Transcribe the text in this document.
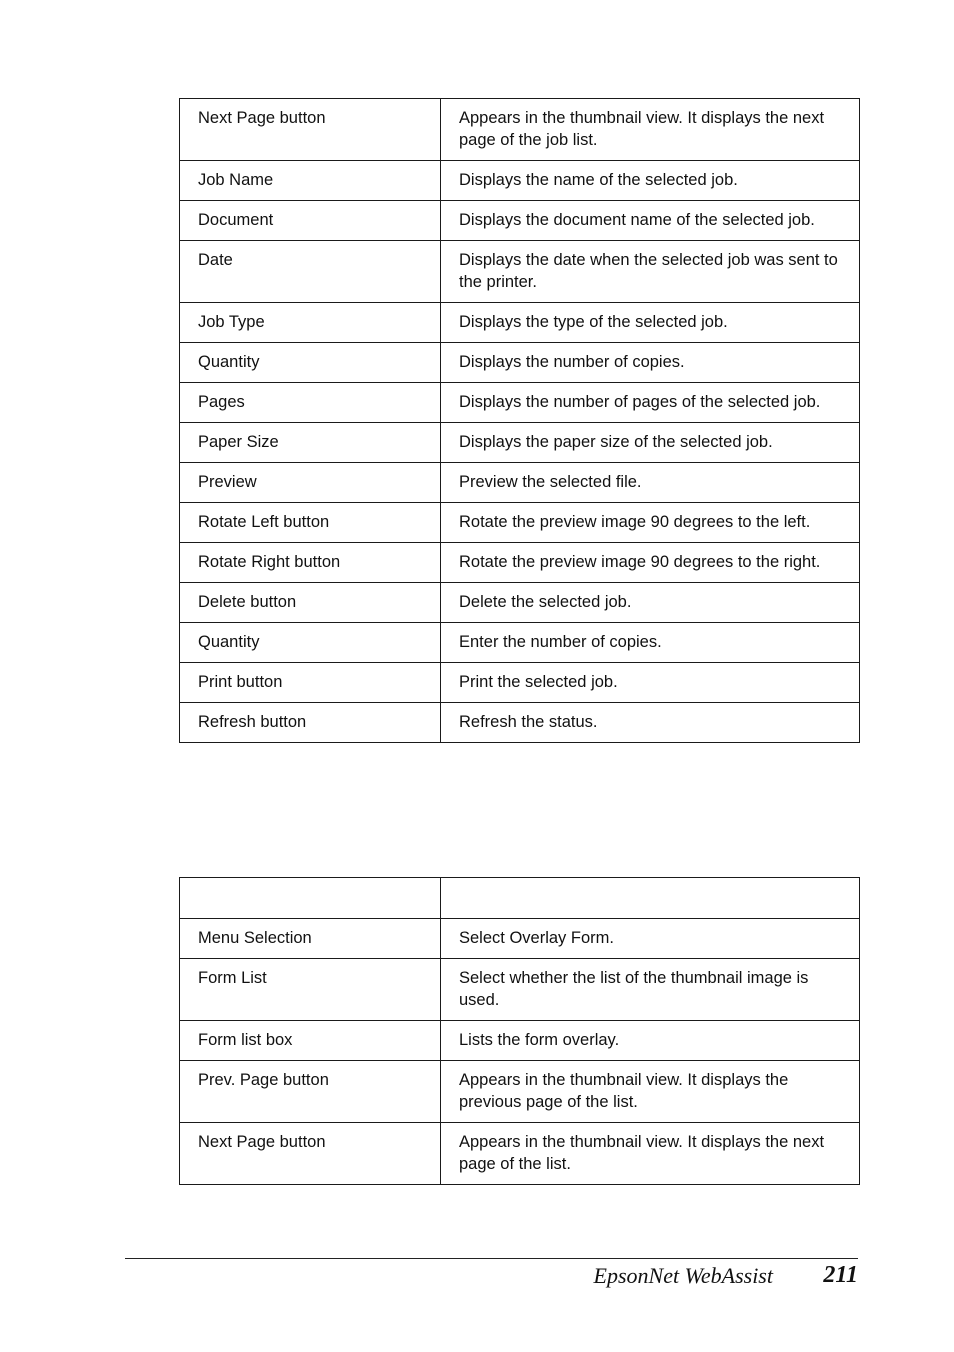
Next Page button	Appears in the thumbnail view. It displays the next page of the job list.
Job Name	Displays the name of the selected job.
Document	Displays the document name of the selected job.
Date	Displays the date when the selected job was sent to the printer.
Job Type	Displays the type of the selected job.
Quantity	Displays the number of copies.
Pages	Displays the number of pages of the selected job.
Paper Size	Displays the paper size of the selected job.
Preview	Preview the selected file.
Rotate Left button	Rotate the preview image 90 degrees to the left.
Rotate Right button	Rotate the preview image 90 degrees to the right.
Delete button	Delete the selected job.
Quantity	Enter the number of copies.
Print button	Print the selected job.
Refresh button	Refresh the status.

Menu Selection	Select Overlay Form.
Form List	Select whether the list of the thumbnail image is used.
Form list box	Lists the form overlay.
Prev. Page button	Appears in the thumbnail view. It displays the previous page of the list.
Next Page button	Appears in the thumbnail view. It displays the next page of the list.
EpsonNet WebAssist 211
